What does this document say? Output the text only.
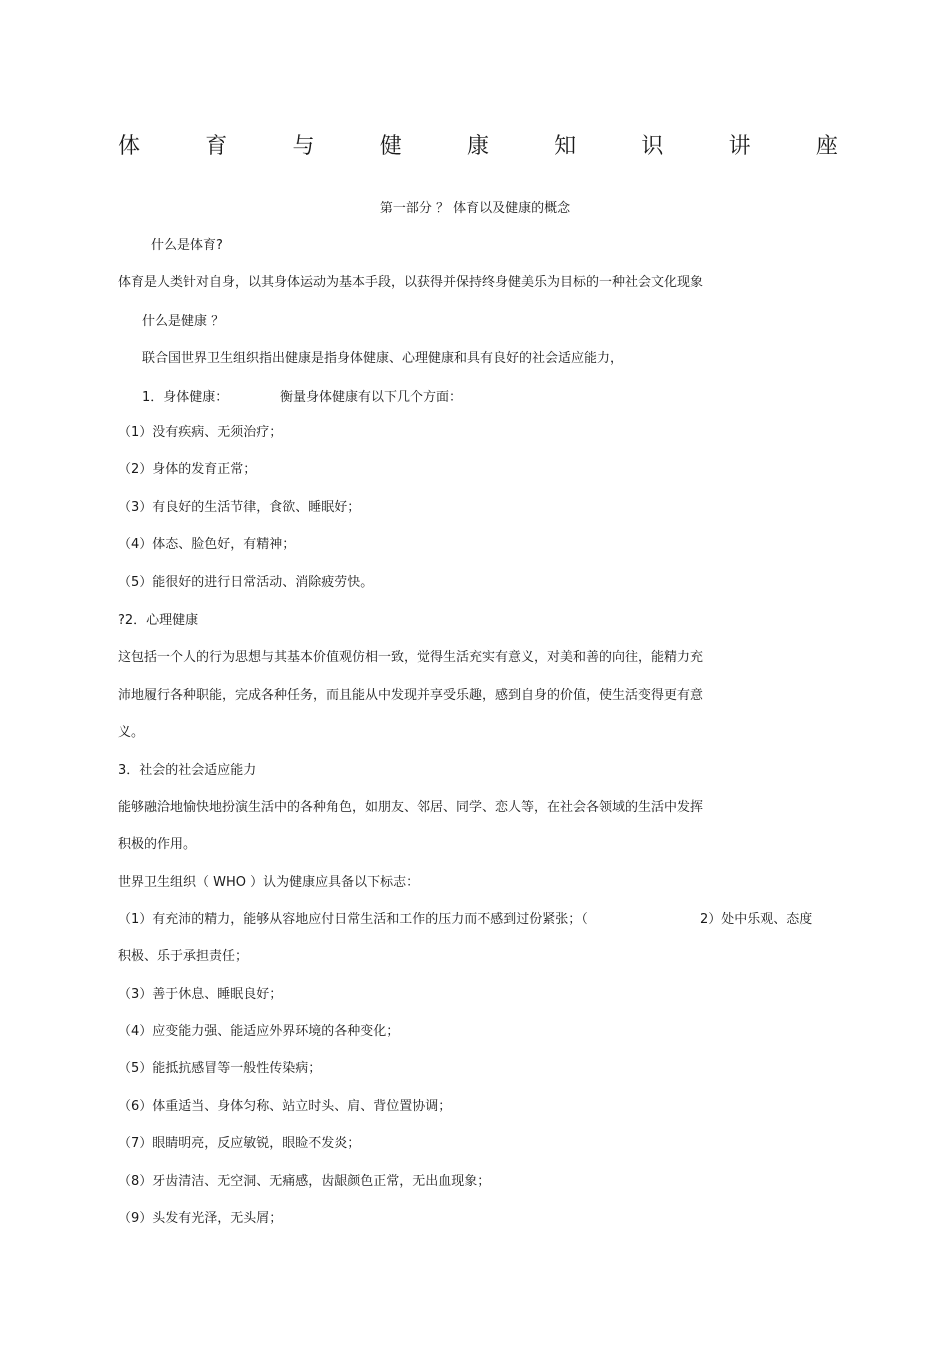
体	育	与	健	康	知	识	讲	座
第一部分 ？ 体育以及健康的概念
什么是体育?
体育是人类针对自身，以其身体运动为基本手段，以获得并保持终身健美乐为目标的一种社会文化现象
什么是健康 ？
联合国世界卫生组织指出健康是指身体健康、心理健康和具有良好的社会适应能力，
1．身体健康：	衡量身体健康有以下几个方面：
（1）没有疾病、无须治疗；
（2）身体的发育正常；
（3）有良好的生活节律，食欲、睡眠好；
（4）体态、脸色好，有精神；
（5）能很好的进行日常活动、消除疲劳快。
?2．心理健康
这包括一个人的行为思想与其基本价值观仿相一致，觉得生活充实有意义，对美和善的向往，能精力充
沛地履行各种职能，完成各种任务，而且能从中发现并享受乐趣，感到自身的价值，使生活变得更有意
义。
3．社会的社会适应能力
能够融洽地愉快地扮演生活中的各种角色，如朋友、邻居、同学、恋人等，在社会各领域的生活中发挥
积极的作用。
世界卫生组织（ WHO ）认为健康应具备以下标志：
（1）有充沛的精力，能够从容地应付日常生活和工作的压力而不感到过份紧张；（	2）处中乐观、态度
积极、乐于承担责任；
（3）善于休息、睡眠良好；
（4）应变能力强、能适应外界环境的各种变化；
（5）能抵抗感冒等一般性传染病；
（6）体重适当、身体匀称、站立时头、肩、背位置协调；
（7）眼睛明亮，反应敏锐，眼睑不发炎；
（8）牙齿清洁、无空洞、无痛感，齿龈颜色正常，无出血现象；
（9）头发有光泽，无头屑；
